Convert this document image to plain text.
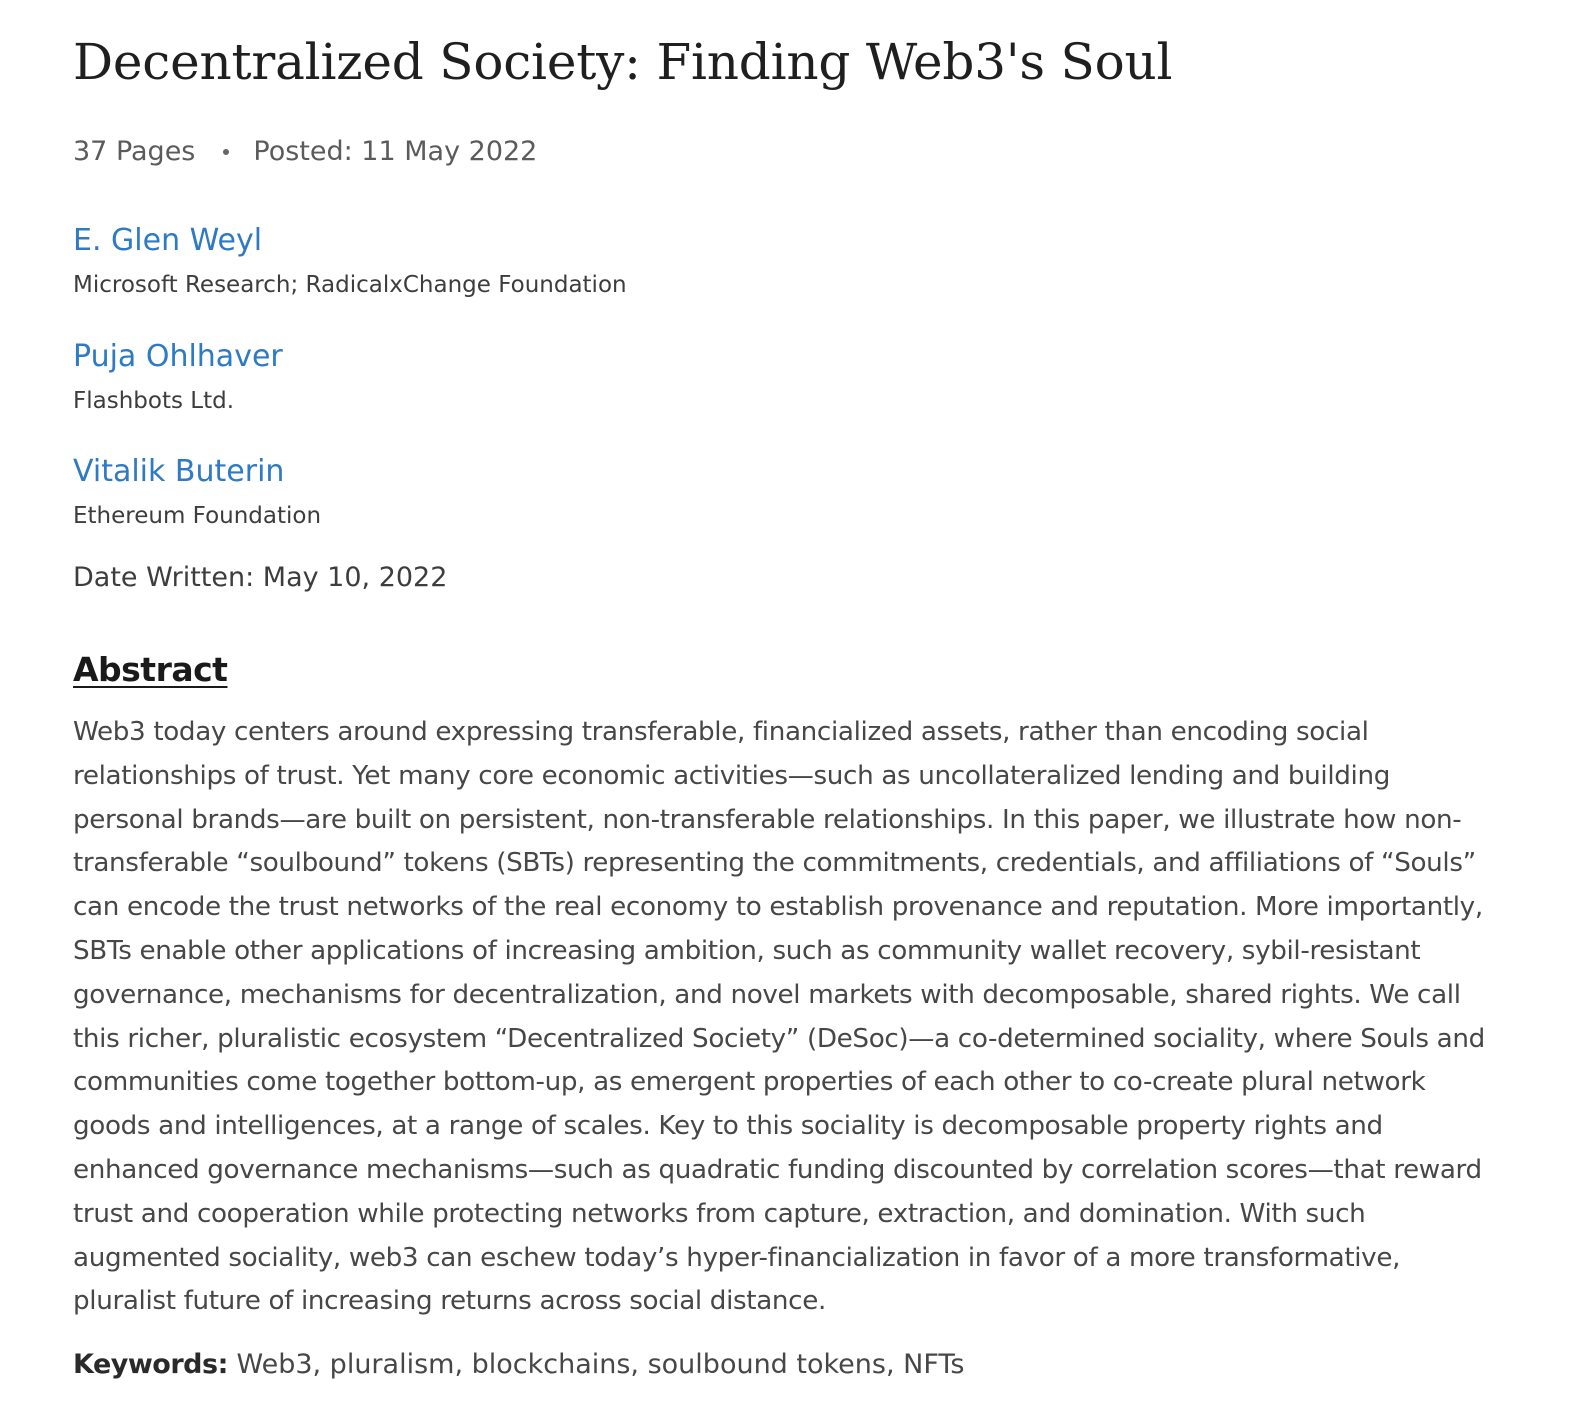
Decentralized Society: Finding Web3's Soul
37 Pages Posted: 11 May 2022
E. Glen Weyl
Microsoft Research; RadicalxChange Foundation
Puja Ohlhaver
Flashbots Ltd.
Vitalik Buterin
Ethereum Foundation
Date Written: May 10, 2022
Abstract

Web3 today centers around expressing transferable, financialized assets, rather than encoding social relationships of trust. Yet many core economic activities—such as uncollateralized lending and building personal brands—are built on persistent, non-transferable relationships. In this paper, we illustrate how non-transferable “soulbound” tokens (SBTs) representing the commitments, credentials, and affiliations of “Souls” can encode the trust networks of the real economy to establish provenance and reputation. More importantly, SBTs enable other applications of increasing ambition, such as community wallet recovery, sybil-resistant governance, mechanisms for decentralization, and novel markets with decomposable, shared rights. We call this richer, pluralistic ecosystem “Decentralized Society” (DeSoc)—a co-determined sociality, where Souls and communities come together bottom-up, as emergent properties of each other to co-create plural network goods and intelligences, at a range of scales. Key to this sociality is decomposable property rights and enhanced governance mechanisms—such as quadratic funding discounted by correlation scores—that reward trust and cooperation while protecting networks from capture, extraction, and domination. With such augmented sociality, web3 can eschew today’s hyper-financialization in favor of a more transformative, pluralist future of increasing returns across social distance.

Keywords: Web3, pluralism, blockchains, soulbound tokens, NFTs
